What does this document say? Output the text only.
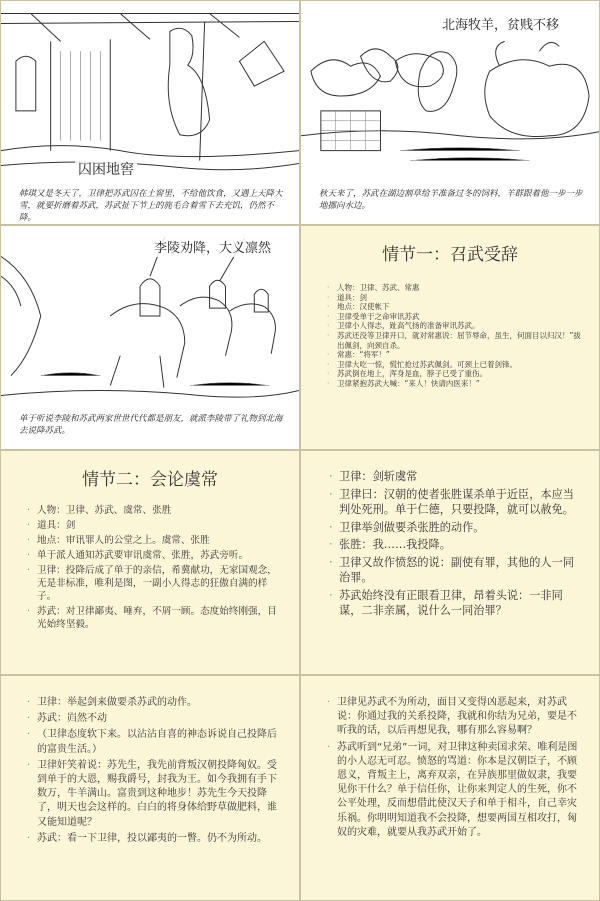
囚困地窖
韩琪又是冬天了，卫律把苏武囚在土窖里，不给他饮食，又遇上天降大雪，就要折磨着苏武，苏武扯下节上的旄毛合着雪下去充饥，仍然不降。
北海牧羊，贫贱不移
秋天来了，苏武在湖边割草给羊准备过冬的饲料，羊群跟着他一步一步地挪向水边。
李陵劝降，大义凛然
单于听说李陵和苏武两家世世代代都是朋友，就派李陵带了礼物到北海去说降苏武。
情节一：召武受辞
· 人物：卫律、苏武、常惠
· 道具：剑
· 地点：汉使帐下
· 卫律受单于之命审讯苏武
· 卫律小人得志，趾高气扬的准备审讯苏武。
· 苏武还没等卫律开口，就对常惠说：屈节辱命，虽生，何面目以归汉！”拔出佩剑，向颈自杀。
· 常惠：“将军！”
· 卫律大吃一惊，慌忙抢过苏武佩剑。可颈上已着剑锋。
· 苏武倒在地上，浑身是血，脖子已受了重伤。
· 卫律紧抱苏武大喊：“来人！快请内医来！”
情节二：会论虞常
· 人物：卫律、苏武、虞常、张胜
· 道具：剑
· 地点：审讯罪人的公堂之上。虞常、张胜
· 单于派人通知苏武要审讯虞常、张胜，苏武旁听。
· 卫律：投降后成了单于的亲信，希冀献功，无家国观念，无是非标准，唯利是图，一副小人得志的狂傲自满的样子。
· 苏武：对卫律鄙夷、唾弃，不屑一顾。态度始终刚强，目光始终坚毅。
· 卫律：剑斩虞常
· 卫律曰：汉朝的使者张胜谋杀单于近臣，本应当判处死刑。单于仁德，只要投降，就可以赦免。
· 卫律举剑做要杀张胜的动作。
· 张胜：我……我投降。
· 卫律又故作愤怒的说：副使有罪，其他的人一同治罪。
· 苏武始终没有正眼看卫律，昂着头说：一非同谋，二非亲属，说什么一同治罪？
· 卫律：举起剑来做要杀苏武的动作。
· 苏武：岿然不动
· （卫律态度软下来。以沾沾自喜的神态诉说自己投降后的富贵生活。）
· 卫律奸笑着说：苏先生，我先前背叛汉朝投降匈奴。受到单于的大恩，赐我爵号，封我为王。如今我拥有手下数万，牛羊满山。富贵到这种地步！苏先生今天投降了，明天也会这样的。白白的将身体给野草做肥料，谁又能知道呢？
· 苏武：看一下卫律，投以鄙夷的一瞥。仍不为所动。
· 卫律见苏武不为所动，面目又变得凶恶起来，对苏武说：你通过我的关系投降，我就和你结为兄弟，要是不听我的话，以后再想见我，哪有那么容易啊？
· 苏武听到“兄弟”一词，对卫律这种卖国求荣、唯利是图的小人忍无可忍。愤怒的骂道：你本是汉朝臣子，不顾恩义，背叛主上，离弃双亲，在异族那里做奴隶，我要见你干什么？单于信任你，让你来判定人的生死，你不公平处理，反而想借此使汉天子和单于相斗，自己幸灾乐祸。你明明知道我不会投降，想要两国互相攻打，匈奴的灾难，就要从我苏武开始了。
